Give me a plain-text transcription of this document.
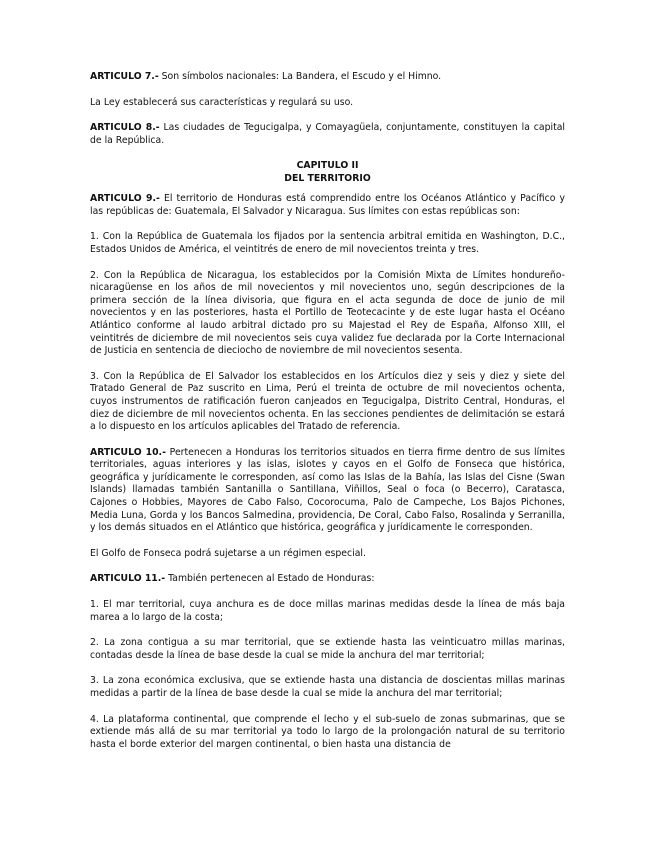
ARTICULO 7.- Son símbolos nacionales: La Bandera, el Escudo y el Himno.

La Ley establecerá sus características y regulará su uso.

ARTICULO 8.- Las ciudades de Tegucigalpa, y Comayagüela, conjuntamente, constituyen la capital de la República.

CAPITULO II
DEL TERRITORIO

ARTICULO 9.- El territorio de Honduras está comprendido entre los Océanos Atlántico y Pacífico y las repúblicas de: Guatemala, El Salvador y Nicaragua. Sus límites con estas repúblicas son:

1. Con la República de Guatemala los fijados por la sentencia arbitral emitida en Washington, D.C., Estados Unidos de América, el veintitrés de enero de mil novecientos treinta y tres.

2. Con la República de Nicaragua, los establecidos por la Comisión Mixta de Límites hondureño-nicaragüense en los años de mil novecientos y mil novecientos uno, según descripciones de la primera sección de la línea divisoria, que figura en el acta segunda de doce de junio de mil novecientos y en las posteriores, hasta el Portillo de Teotecacinte y de este lugar hasta el Océano Atlántico conforme al laudo arbitral dictado pro su Majestad el Rey de España, Alfonso XIII, el veintitrés de diciembre de mil novecientos seis cuya validez fue declarada por la Corte Internacional de Justicia en sentencia de dieciocho de noviembre de mil novecientos sesenta.

3. Con la República de El Salvador los establecidos en los Artículos diez y seis y diez y siete del Tratado General de Paz suscrito en Lima, Perú el treinta de octubre de mil novecientos ochenta, cuyos instrumentos de ratificación fueron canjeados en Tegucigalpa, Distrito Central, Honduras, el diez de diciembre de mil novecientos ochenta. En las secciones pendientes de delimitación se estará a lo dispuesto en los artículos aplicables del Tratado de referencia.

ARTICULO 10.- Pertenecen a Honduras los territorios situados en tierra firme dentro de sus límites territoriales, aguas interiores y las islas, islotes y cayos en el Golfo de Fonseca que histórica, geográfica y jurídicamente le corresponden, así como las Islas de la Bahía, las Islas del Cisne (Swan Islands) llamadas también Santanilla o Santillana, Viñillos, Seal o foca (o Becerro), Caratasca, Cajones o Hobbies, Mayores de Cabo Falso, Cocorocuma, Palo de Campeche, Los Bajos Pichones, Media Luna, Gorda y los Bancos Salmedina, providencia, De Coral, Cabo Falso, Rosalinda y Serranilla, y los demás situados en el Atlántico que histórica, geográfica y jurídicamente le corresponden.

El Golfo de Fonseca podrá sujetarse a un régimen especial.

ARTICULO 11.- También pertenecen al Estado de Honduras:

1. El mar territorial, cuya anchura es de doce millas marinas medidas desde la línea de más baja marea a lo largo de la costa;

2. La zona contigua a su mar territorial, que se extiende hasta las veinticuatro millas marinas, contadas desde la línea de base desde la cual se mide la anchura del mar territorial;

3. La zona económica exclusiva, que se extiende hasta una distancia de doscientas millas marinas medidas a partir de la línea de base desde la cual se mide la anchura del mar territorial;

4. La plataforma continental, que comprende el lecho y el sub-suelo de zonas submarinas, que se extiende más allá de su mar territorial ya todo lo largo de la prolongación natural de su territorio hasta el borde exterior del margen continental, o bien hasta una distancia de
